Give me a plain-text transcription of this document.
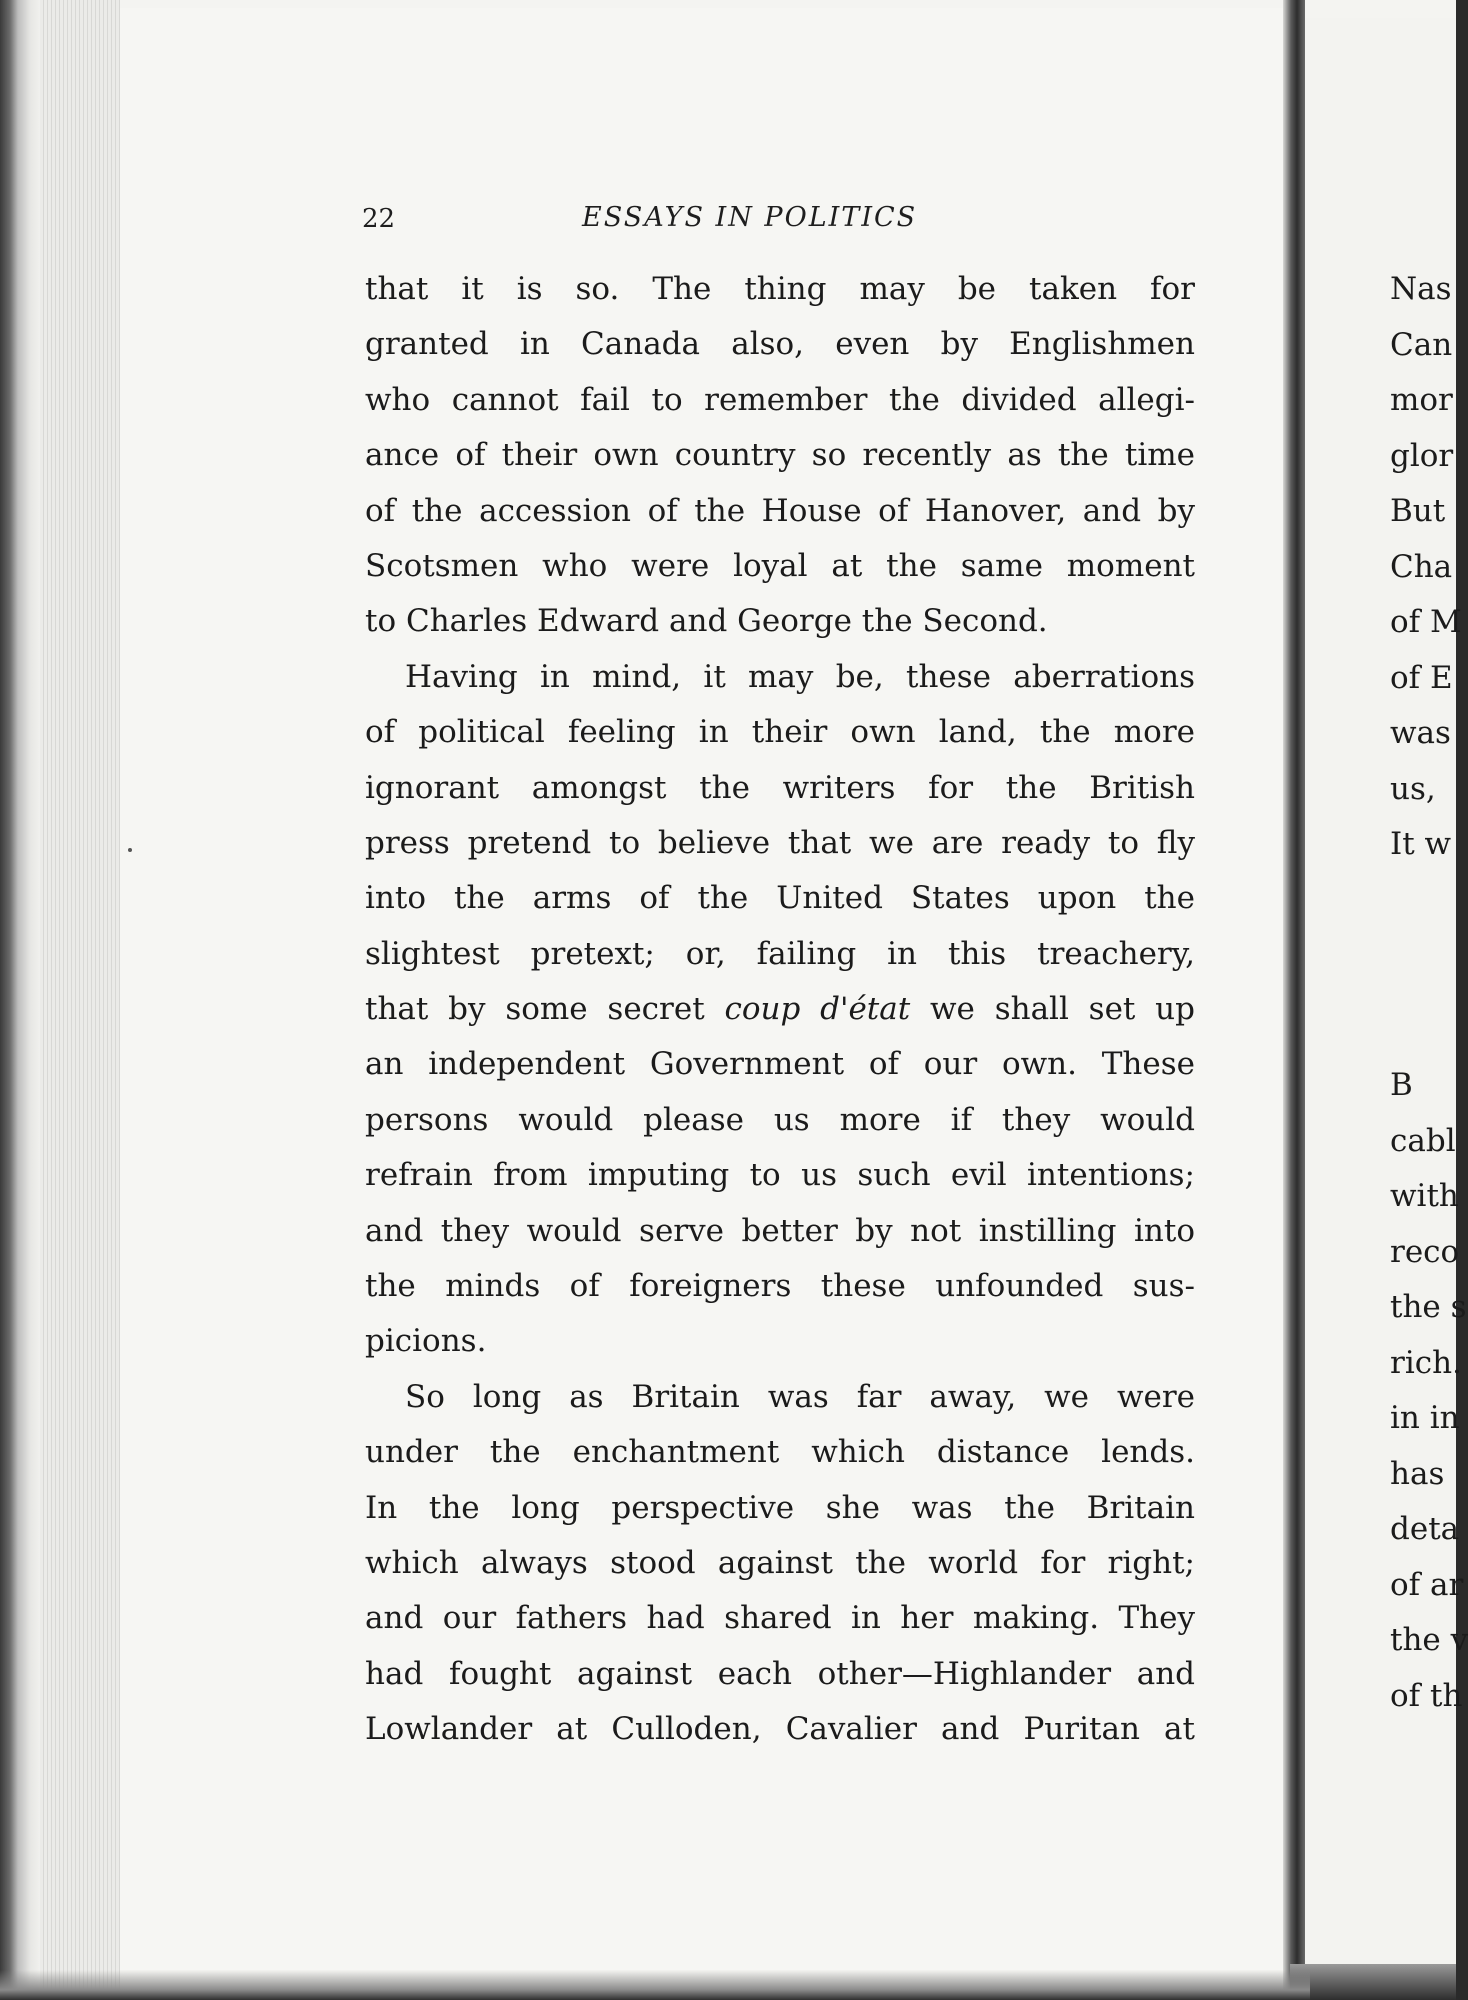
22	ESSAYS IN POLITICS
that it is so. The thing may be taken for
granted in Canada also, even by Englishmen
who cannot fail to remember the divided allegi-
ance of their own country so recently as the time
of the accession of the House of Hanover, and by
Scotsmen who were loyal at the same moment
to Charles Edward and George the Second.
Having in mind, it may be, these aberrations
of political feeling in their own land, the more
ignorant amongst the writers for the British
press pretend to believe that we are ready to fly
into the arms of the United States upon the
slightest pretext; or, failing in this treachery,
that by some secret coup d'état we shall set up
an independent Government of our own. These
persons would please us more if they would
refrain from imputing to us such evil intentions;
and they would serve better by not instilling into
the minds of foreigners these unfounded sus-
picions.
So long as Britain was far away, we were
under the enchantment which distance lends.
In the long perspective she was the Britain
which always stood against the world for right;
and our fathers had shared in her making. They
had fought against each other—Highlander and
Lowlander at Culloden, Cavalier and Puritan at
Nas
Can
mor
glor
But
Cha
of M
of E
was
us,
It w
B
cabl
with
reco
the s
rich.
in in
has
deta
of ar
the v
of th
